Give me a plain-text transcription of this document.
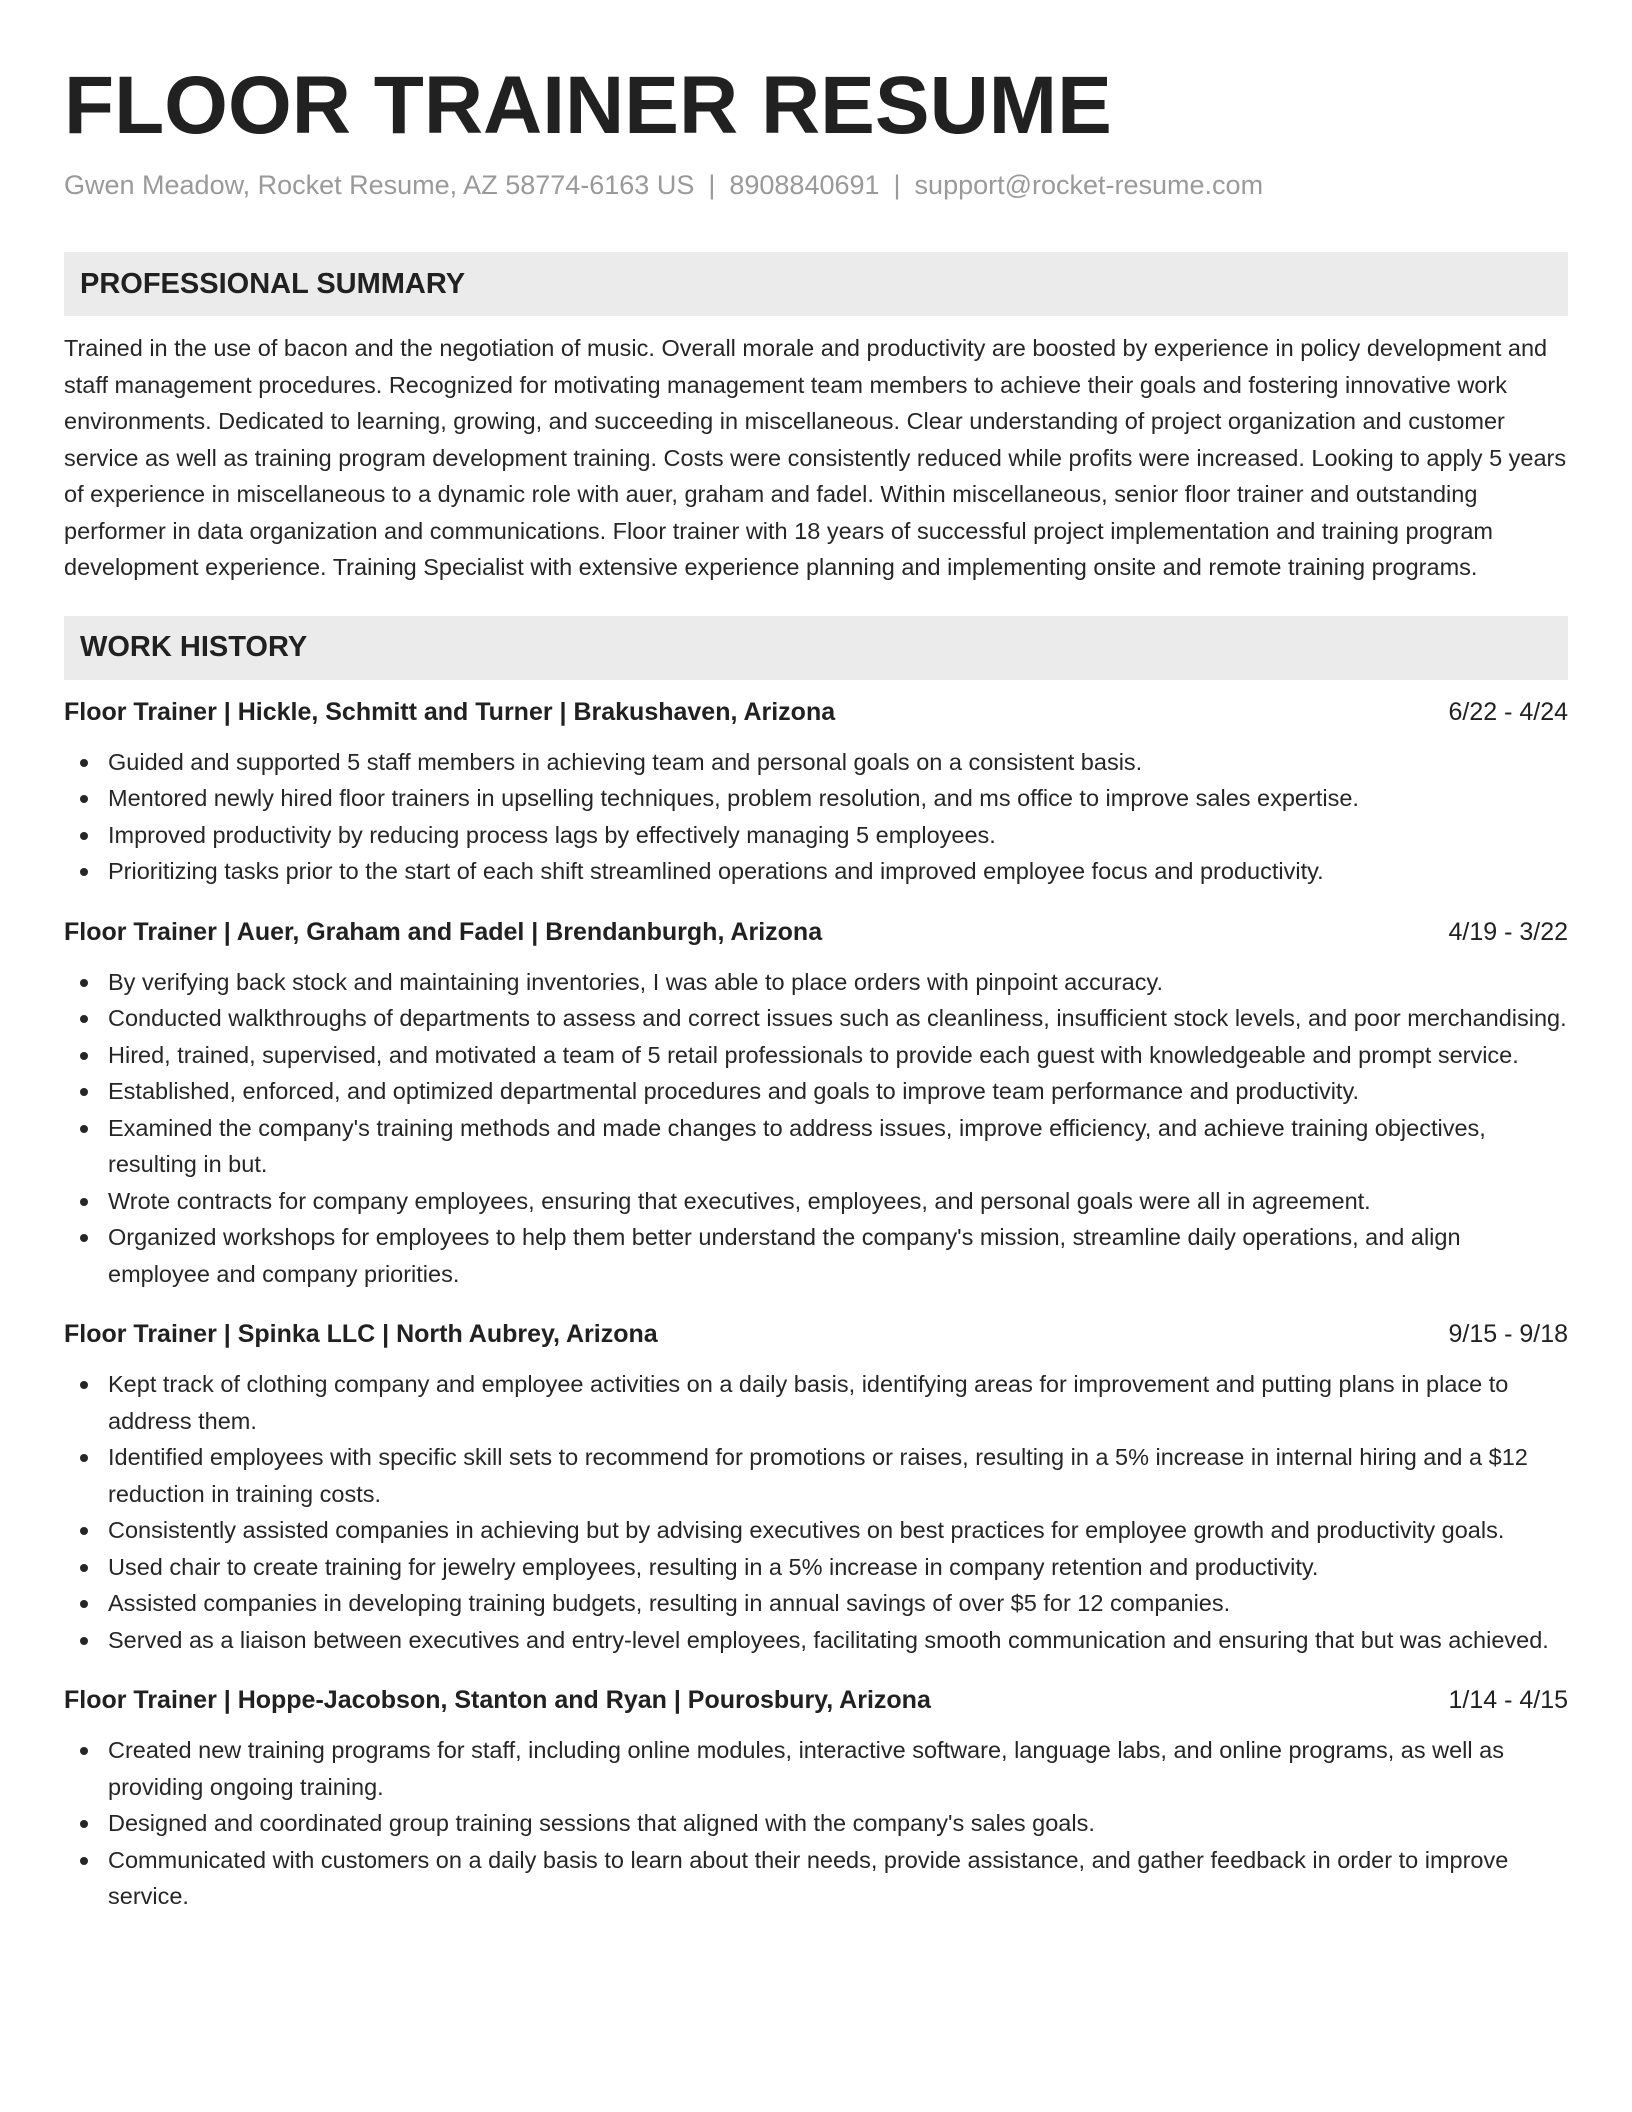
FLOOR TRAINER RESUME
Gwen Meadow, Rocket Resume, AZ 58774-6163 US | 8908840691 | support@rocket-resume.com
PROFESSIONAL SUMMARY

Trained in the use of bacon and the negotiation of music. Overall morale and productivity are boosted by experience in policy development and staff management procedures. Recognized for motivating management team members to achieve their goals and fostering innovative work environments. Dedicated to learning, growing, and succeeding in miscellaneous. Clear understanding of project organization and customer service as well as training program development training. Costs were consistently reduced while profits were increased. Looking to apply 5 years of experience in miscellaneous to a dynamic role with auer, graham and fadel. Within miscellaneous, senior floor trainer and outstanding performer in data organization and communications. Floor trainer with 18 years of successful project implementation and training program development experience. Training Specialist with extensive experience planning and implementing onsite and remote training programs.

WORK HISTORY
Floor Trainer | Hickle, Schmitt and Turner | Brakushaven, Arizona	6/22 - 4/24
Guided and supported 5 staff members in achieving team and personal goals on a consistent basis.
Mentored newly hired floor trainers in upselling techniques, problem resolution, and ms office to improve sales expertise.
Improved productivity by reducing process lags by effectively managing 5 employees.
Prioritizing tasks prior to the start of each shift streamlined operations and improved employee focus and productivity.
Floor Trainer | Auer, Graham and Fadel | Brendanburgh, Arizona	4/19 - 3/22
By verifying back stock and maintaining inventories, I was able to place orders with pinpoint accuracy.
Conducted walkthroughs of departments to assess and correct issues such as cleanliness, insufficient stock levels, and poor merchandising.
Hired, trained, supervised, and motivated a team of 5 retail professionals to provide each guest with knowledgeable and prompt service.
Established, enforced, and optimized departmental procedures and goals to improve team performance and productivity.
Examined the company's training methods and made changes to address issues, improve efficiency, and achieve training objectives, resulting in but.
Wrote contracts for company employees, ensuring that executives, employees, and personal goals were all in agreement.
Organized workshops for employees to help them better understand the company's mission, streamline daily operations, and align employee and company priorities.
Floor Trainer | Spinka LLC | North Aubrey, Arizona	9/15 - 9/18
Kept track of clothing company and employee activities on a daily basis, identifying areas for improvement and putting plans in place to address them.
Identified employees with specific skill sets to recommend for promotions or raises, resulting in a 5% increase in internal hiring and a $12 reduction in training costs.
Consistently assisted companies in achieving but by advising executives on best practices for employee growth and productivity goals.
Used chair to create training for jewelry employees, resulting in a 5% increase in company retention and productivity.
Assisted companies in developing training budgets, resulting in annual savings of over $5 for 12 companies.
Served as a liaison between executives and entry-level employees, facilitating smooth communication and ensuring that but was achieved.
Floor Trainer | Hoppe-Jacobson, Stanton and Ryan | Pourosbury, Arizona	1/14 - 4/15
Created new training programs for staff, including online modules, interactive software, language labs, and online programs, as well as providing ongoing training.
Designed and coordinated group training sessions that aligned with the company's sales goals.
Communicated with customers on a daily basis to learn about their needs, provide assistance, and gather feedback in order to improve service.
